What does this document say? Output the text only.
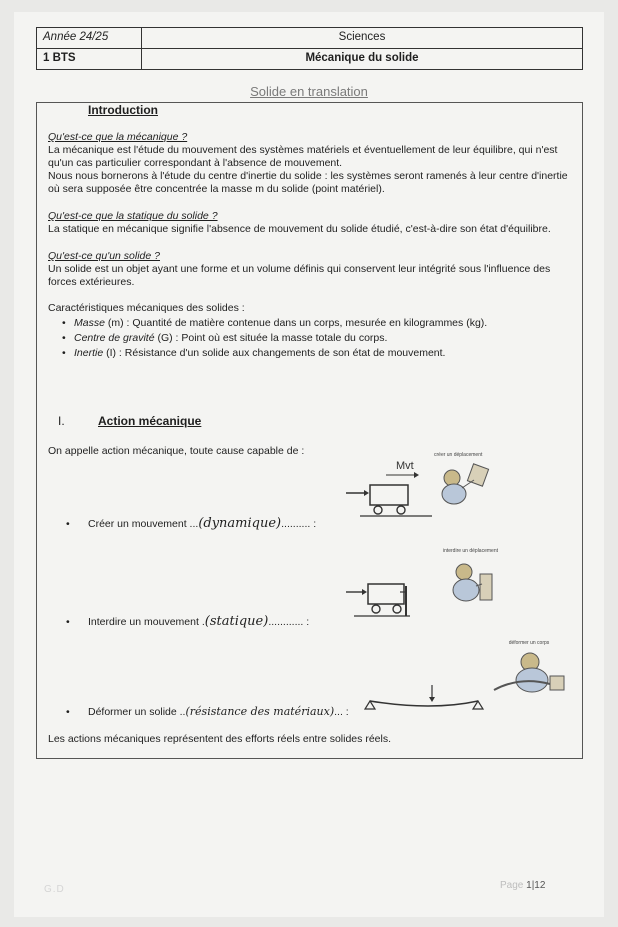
Année 24/25	Sciences
1 BTS	Mécanique du solide
Solide en translation

Introduction

Qu'est-ce que la mécanique ?

La mécanique est l'étude du mouvement des systèmes matériels et éventuellement de leur équilibre, qui n'est qu'un cas particulier correspondant à l'absence de mouvement.

Nous nous bornerons à l'étude du centre d'inertie du solide : les systèmes seront ramenés à leur centre d'inertie où sera supposée être concentrée la masse m du solide (point matériel).

Qu'est-ce que la statique du solide ?

La statique en mécanique signifie l'absence de mouvement du solide étudié, c'est-à-dire son état d'équilibre.

Qu'est-ce qu'un solide ?

Un solide est un objet ayant une forme et un volume définis qui conservent leur intégrité sous l'influence des forces extérieures.

Caractéristiques mécaniques des solides :

• Masse (m) : Quantité de matière contenue dans un corps, mesurée en kilogrammes (kg).
• Centre de gravité (G) : Point où est située la masse totale du corps.
• Inertie (I) : Résistance d'un solide aux changements de son état de mouvement.
I.	Action mécanique
On appelle action mécanique, toute cause capable de :
• Créer un mouvement ...(dynamique).......... :
• Interdire un mouvement .(statique)............ :
• Déformer un solide ..(résistance des matériaux)... :
Mvt
créer un déplacement
interdire un déplacement
déformer un corps
Les actions mécaniques représentent des efforts réels entre solides réels.
G.D	Page 1|12
